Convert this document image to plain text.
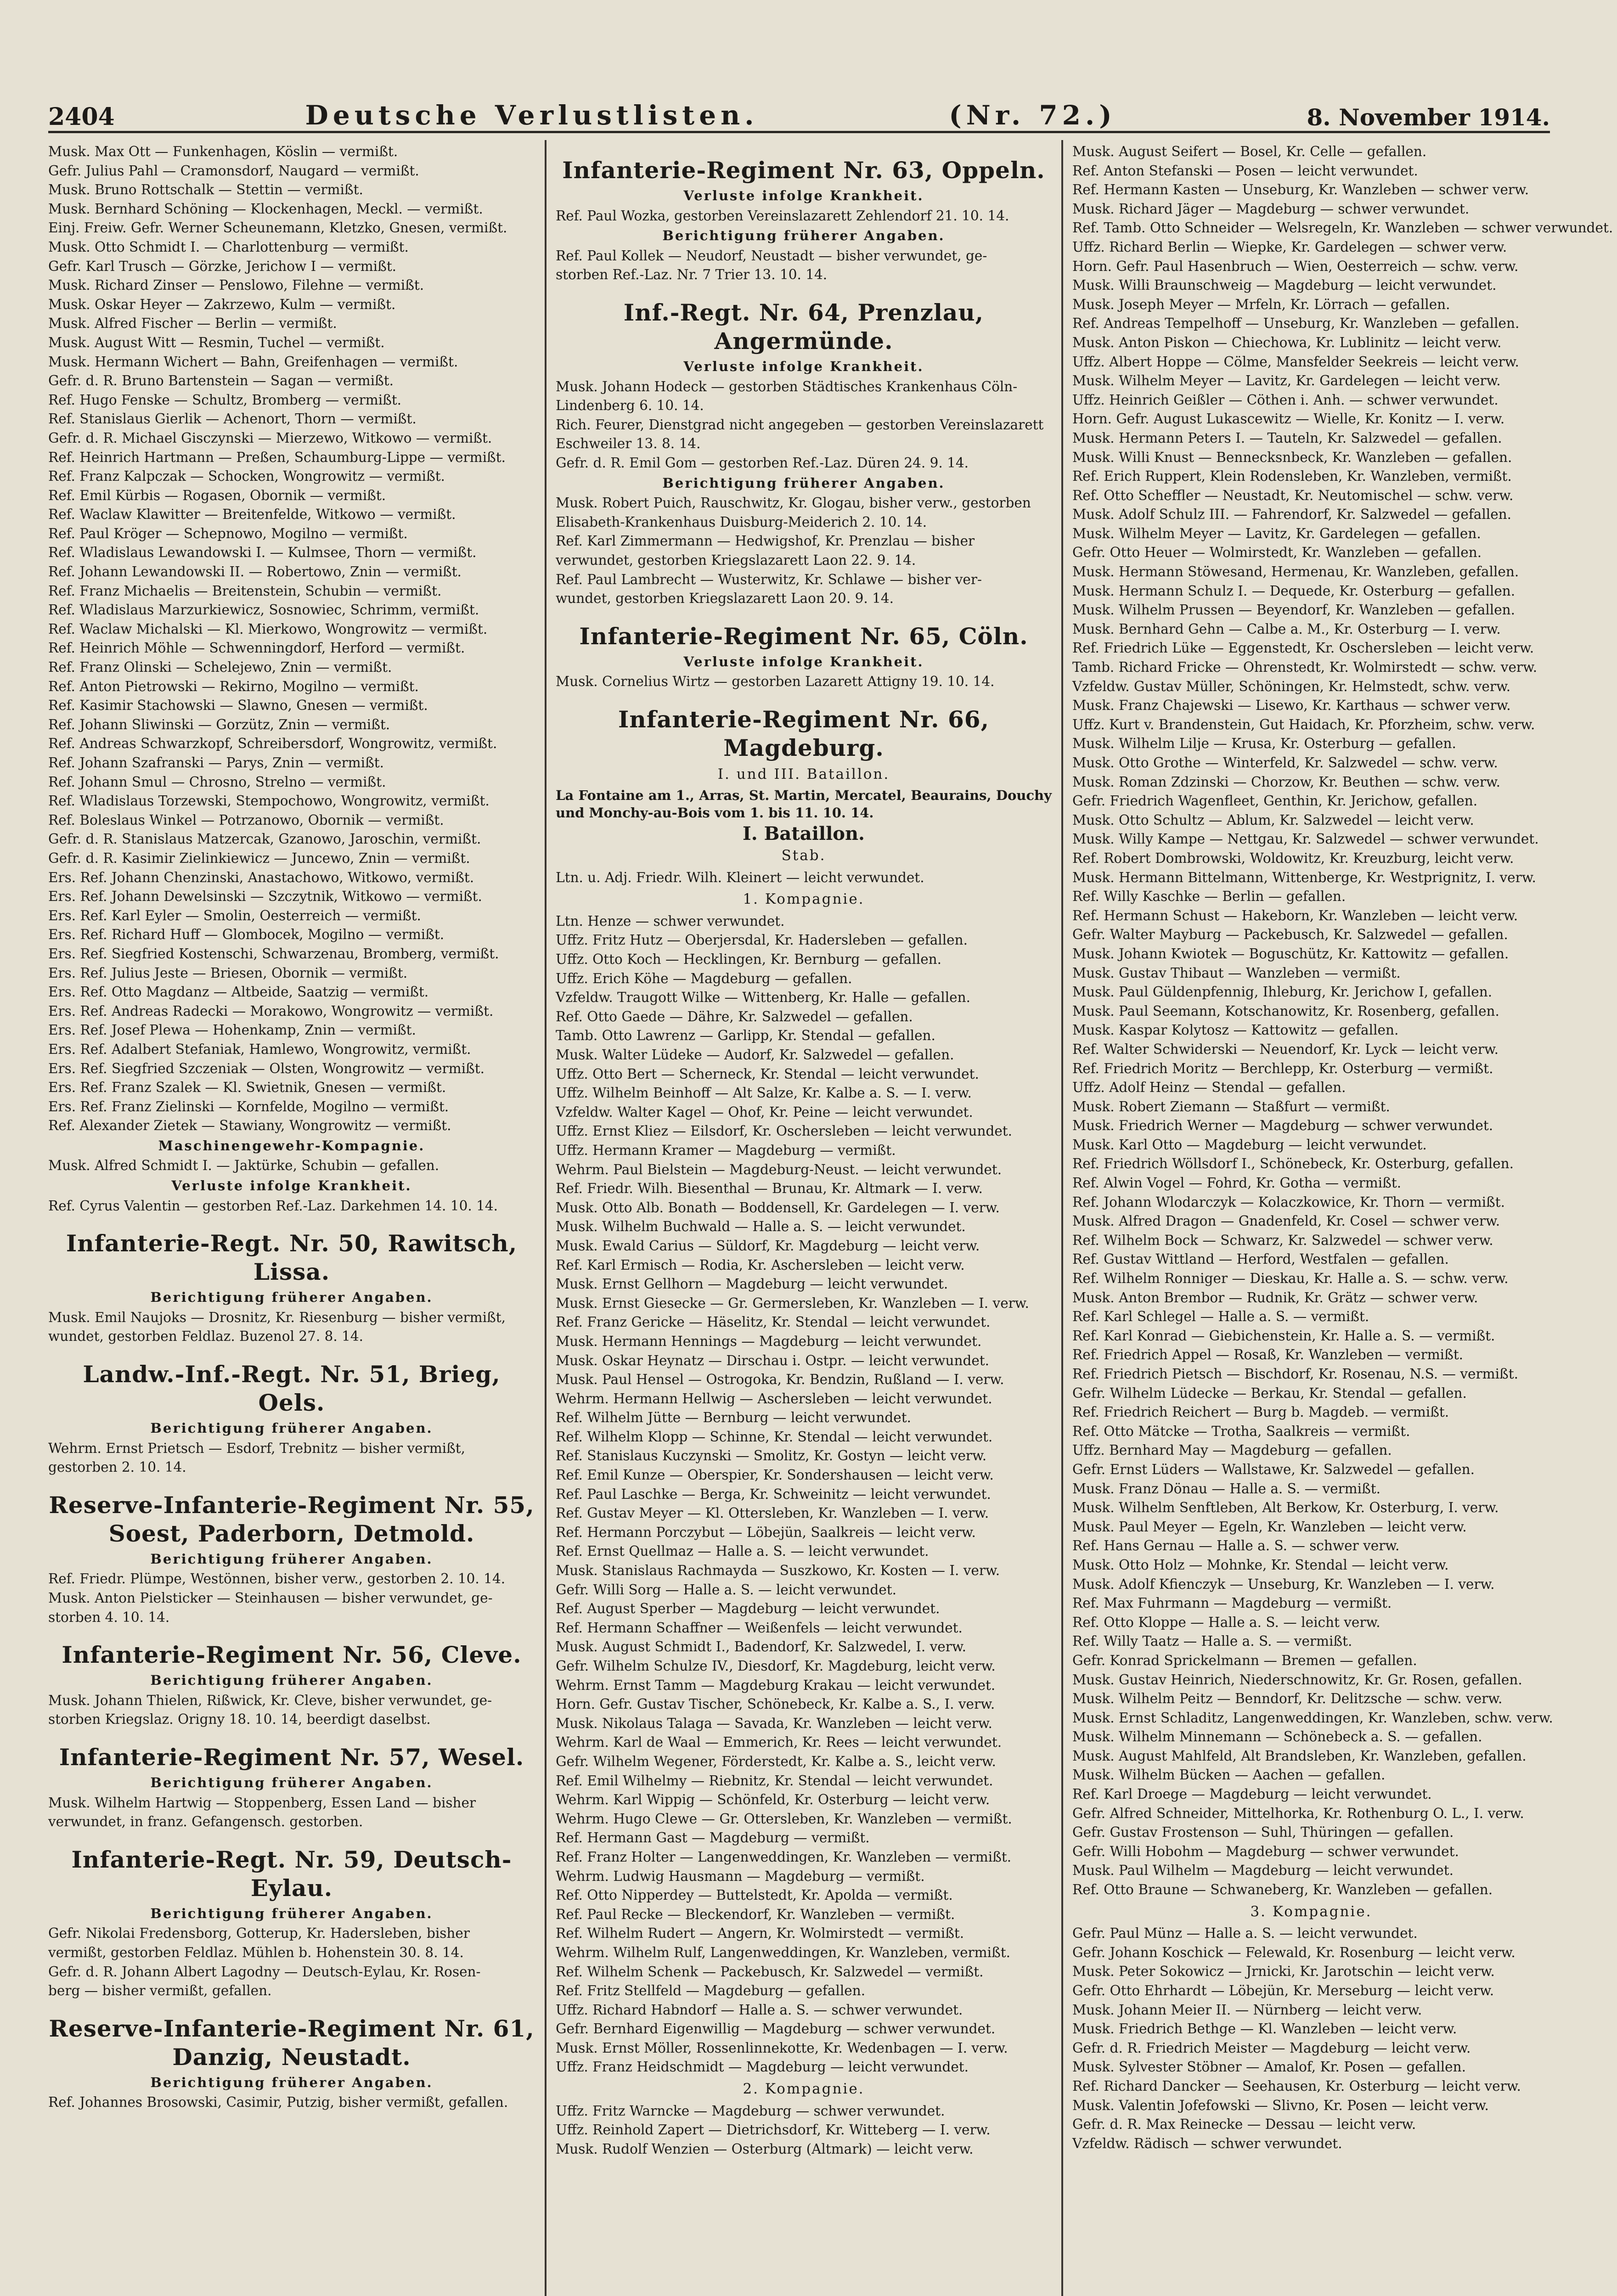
2404	Deutsche Verlustlisten.	(Nr. 72.)	8. November 1914.
Musk. Max Ott — Funkenhagen, Köslin — vermißt.
Gefr. Julius Pahl — Cramonsdorf, Naugard — vermißt.
Musk. Bruno Rottschalk — Stettin — vermißt.
Musk. Bernhard Schöning — Klockenhagen, Meckl. — vermißt.
Einj. Freiw. Gefr. Werner Scheunemann, Kletzko, Gnesen, vermißt.
Musk. Otto Schmidt I. — Charlottenburg — vermißt.
Gefr. Karl Trusch — Görzke, Jerichow I — vermißt.
Musk. Richard Zinser — Penslowo, Filehne — vermißt.
Musk. Oskar Heyer — Zakrzewo, Kulm — vermißt.
Musk. Alfred Fischer — Berlin — vermißt.
Musk. August Witt — Resmin, Tuchel — vermißt.
Musk. Hermann Wichert — Bahn, Greifenhagen — vermißt.
Gefr. d. R. Bruno Bartenstein — Sagan — vermißt.
Ref. Hugo Fenske — Schultz, Bromberg — vermißt.
Ref. Stanislaus Gierlik — Achenort, Thorn — vermißt.
Gefr. d. R. Michael Gisczynski — Mierzewo, Witkowo — vermißt.
Ref. Heinrich Hartmann — Preßen, Schaumburg-Lippe — vermißt.
Ref. Franz Kalpczak — Schocken, Wongrowitz — vermißt.
Ref. Emil Kürbis — Rogasen, Obornik — vermißt.
Ref. Waclaw Klawitter — Breitenfelde, Witkowo — vermißt.
Ref. Paul Kröger — Schepnowo, Mogilno — vermißt.
Ref. Wladislaus Lewandowski I. — Kulmsee, Thorn — vermißt.
Ref. Johann Lewandowski II. — Robertowo, Znin — vermißt.
Ref. Franz Michaelis — Breitenstein, Schubin — vermißt.
Ref. Wladislaus Marzurkiewicz, Sosnowiec, Schrimm, vermißt.
Ref. Waclaw Michalski — Kl. Mierkowo, Wongrowitz — vermißt.
Ref. Heinrich Möhle — Schwenningdorf, Herford — vermißt.
Ref. Franz Olinski — Schelejewo, Znin — vermißt.
Ref. Anton Pietrowski — Rekirno, Mogilno — vermißt.
Ref. Kasimir Stachowski — Slawno, Gnesen — vermißt.
Ref. Johann Sliwinski — Gorzütz, Znin — vermißt.
Ref. Andreas Schwarzkopf, Schreibersdorf, Wongrowitz, vermißt.
Ref. Johann Szafranski — Parys, Znin — vermißt.
Ref. Johann Smul — Chrosno, Strelno — vermißt.
Ref. Wladislaus Torzewski, Stempochowo, Wongrowitz, vermißt.
Ref. Boleslaus Winkel — Potrzanowo, Obornik — vermißt.
Gefr. d. R. Stanislaus Matzercak, Gzanowo, Jaroschin, vermißt.
Gefr. d. R. Kasimir Zielinkiewicz — Juncewo, Znin — vermißt.
Ers. Ref. Johann Chenzinski, Anastachowo, Witkowo, vermißt.
Ers. Ref. Johann Dewelsinski — Szczytnik, Witkowo — vermißt.
Ers. Ref. Karl Eyler — Smolin, Oesterreich — vermißt.
Ers. Ref. Richard Huff — Glombocek, Mogilno — vermißt.
Ers. Ref. Siegfried Kostenschi, Schwarzenau, Bromberg, vermißt.
Ers. Ref. Julius Jeste — Briesen, Obornik — vermißt.
Ers. Ref. Otto Magdanz — Altbeide, Saatzig — vermißt.
Ers. Ref. Andreas Radecki — Morakowo, Wongrowitz — vermißt.
Ers. Ref. Josef Plewa — Hohenkamp, Znin — vermißt.
Ers. Ref. Adalbert Stefaniak, Hamlewo, Wongrowitz, vermißt.
Ers. Ref. Siegfried Szczeniak — Olsten, Wongrowitz — vermißt.
Ers. Ref. Franz Szalek — Kl. Swietnik, Gnesen — vermißt.
Ers. Ref. Franz Zielinski — Kornfelde, Mogilno — vermißt.
Ref. Alexander Zietek — Stawiany, Wongrowitz — vermißt.
Maschinengewehr-Kompagnie.
Musk. Alfred Schmidt I. — Jaktürke, Schubin — gefallen.
Verluste infolge Krankheit.
Ref. Cyrus Valentin — gestorben Ref.-Laz. Darkehmen 14. 10. 14.
Infanterie-Regt. Nr. 50, Rawitsch, Lissa.
Berichtigung früherer Angaben.
Musk. Emil Naujoks — Drosnitz, Kr. Riesenburg — bisher vermißt,
wundet, gestorben Feldlaz. Buzenol 27. 8. 14.
Landw.-Inf.-Regt. Nr. 51, Brieg, Oels.
Berichtigung früherer Angaben.
Wehrm. Ernst Prietsch — Esdorf, Trebnitz — bisher vermißt,
gestorben 2. 10. 14.
Reserve-Infanterie-Regiment Nr. 55, Soest, Paderborn, Detmold.
Berichtigung früherer Angaben.
Ref. Friedr. Plümpe, Westönnen, bisher verw., gestorben 2. 10. 14.
Musk. Anton Pielsticker — Steinhausen — bisher verwundet, ge-
storben 4. 10. 14.
Infanterie-Regiment Nr. 56, Cleve.
Berichtigung früherer Angaben.
Musk. Johann Thielen, Rißwick, Kr. Cleve, bisher verwundet, ge-
storben Kriegslaz. Origny 18. 10. 14, beerdigt daselbst.
Infanterie-Regiment Nr. 57, Wesel.
Berichtigung früherer Angaben.
Musk. Wilhelm Hartwig — Stoppenberg, Essen Land — bisher
verwundet, in franz. Gefangensch. gestorben.
Infanterie-Regt. Nr. 59, Deutsch-Eylau.
Berichtigung früherer Angaben.
Gefr. Nikolai Fredensborg, Gotterup, Kr. Hadersleben, bisher
vermißt, gestorben Feldlaz. Mühlen b. Hohenstein 30. 8. 14.
Gefr. d. R. Johann Albert Lagodny — Deutsch-Eylau, Kr. Rosen-
berg — bisher vermißt, gefallen.
Reserve-Infanterie-Regiment Nr. 61, Danzig, Neustadt.
Berichtigung früherer Angaben.
Ref. Johannes Brosowski, Casimir, Putzig, bisher vermißt, gefallen.
Infanterie-Regiment Nr. 63, Oppeln.
Verluste infolge Krankheit.
Ref. Paul Wozka, gestorben Vereinslazarett Zehlendorf 21. 10. 14.
Berichtigung früherer Angaben.
Ref. Paul Kollek — Neudorf, Neustadt — bisher verwundet, ge-
storben Ref.-Laz. Nr. 7 Trier 13. 10. 14.
Inf.-Regt. Nr. 64, Prenzlau, Angermünde.
Verluste infolge Krankheit.
Musk. Johann Hodeck — gestorben Städtisches Krankenhaus Cöln-
Lindenberg 6. 10. 14.
Rich. Feurer, Dienstgrad nicht angegeben — gestorben Vereinslazarett
Eschweiler 13. 8. 14.
Gefr. d. R. Emil Gom — gestorben Ref.-Laz. Düren 24. 9. 14.
Berichtigung früherer Angaben.
Musk. Robert Puich, Rauschwitz, Kr. Glogau, bisher verw., gestorben
Elisabeth-Krankenhaus Duisburg-Meiderich 2. 10. 14.
Ref. Karl Zimmermann — Hedwigshof, Kr. Prenzlau — bisher
verwundet, gestorben Kriegslazarett Laon 22. 9. 14.
Ref. Paul Lambrecht — Wusterwitz, Kr. Schlawe — bisher ver-
wundet, gestorben Kriegslazarett Laon 20. 9. 14.
Infanterie-Regiment Nr. 65, Cöln.
Verluste infolge Krankheit.
Musk. Cornelius Wirtz — gestorben Lazarett Attigny 19. 10. 14.
Infanterie-Regiment Nr. 66, Magdeburg.
I. und III. Bataillon.
La Fontaine am 1., Arras, St. Martin, Mercatel, Beaurains, Douchy und Monchy-au-Bois vom 1. bis 11. 10. 14.
I. Bataillon.
Stab.
Ltn. u. Adj. Friedr. Wilh. Kleinert — leicht verwundet.
1. Kompagnie.
Ltn. Henze — schwer verwundet.
Uffz. Fritz Hutz — Oberjersdal, Kr. Hadersleben — gefallen.
Uffz. Otto Koch — Hecklingen, Kr. Bernburg — gefallen.
Uffz. Erich Köhe — Magdeburg — gefallen.
Vzfeldw. Traugott Wilke — Wittenberg, Kr. Halle — gefallen.
Ref. Otto Gaede — Dähre, Kr. Salzwedel — gefallen.
Tamb. Otto Lawrenz — Garlipp, Kr. Stendal — gefallen.
Musk. Walter Lüdeke — Audorf, Kr. Salzwedel — gefallen.
Uffz. Otto Bert — Scherneck, Kr. Stendal — leicht verwundet.
Uffz. Wilhelm Beinhoff — Alt Salze, Kr. Kalbe a. S. — I. verw.
Vzfeldw. Walter Kagel — Ohof, Kr. Peine — leicht verwundet.
Uffz. Ernst Kliez — Eilsdorf, Kr. Oschersleben — leicht verwundet.
Uffz. Hermann Kramer — Magdeburg — vermißt.
Wehrm. Paul Bielstein — Magdeburg-Neust. — leicht verwundet.
Ref. Friedr. Wilh. Biesenthal — Brunau, Kr. Altmark — I. verw.
Musk. Otto Alb. Bonath — Boddensell, Kr. Gardelegen — I. verw.
Musk. Wilhelm Buchwald — Halle a. S. — leicht verwundet.
Musk. Ewald Carius — Süldorf, Kr. Magdeburg — leicht verw.
Ref. Karl Ermisch — Rodia, Kr. Aschersleben — leicht verw.
Musk. Ernst Gellhorn — Magdeburg — leicht verwundet.
Musk. Ernst Giesecke — Gr. Germersleben, Kr. Wanzleben — I. verw.
Ref. Franz Gericke — Häselitz, Kr. Stendal — leicht verwundet.
Musk. Hermann Hennings — Magdeburg — leicht verwundet.
Musk. Oskar Heynatz — Dirschau i. Ostpr. — leicht verwundet.
Musk. Paul Hensel — Ostrogoka, Kr. Bendzin, Rußland — I. verw.
Wehrm. Hermann Hellwig — Aschersleben — leicht verwundet.
Ref. Wilhelm Jütte — Bernburg — leicht verwundet.
Ref. Wilhelm Klopp — Schinne, Kr. Stendal — leicht verwundet.
Ref. Stanislaus Kuczynski — Smolitz, Kr. Gostyn — leicht verw.
Ref. Emil Kunze — Oberspier, Kr. Sondershausen — leicht verw.
Ref. Paul Laschke — Berga, Kr. Schweinitz — leicht verwundet.
Ref. Gustav Meyer — Kl. Ottersleben, Kr. Wanzleben — I. verw.
Ref. Hermann Porczybut — Löbejün, Saalkreis — leicht verw.
Ref. Ernst Quellmaz — Halle a. S. — leicht verwundet.
Musk. Stanislaus Rachmayda — Suszkowo, Kr. Kosten — I. verw.
Gefr. Willi Sorg — Halle a. S. — leicht verwundet.
Ref. August Sperber — Magdeburg — leicht verwundet.
Ref. Hermann Schaffner — Weißenfels — leicht verwundet.
Musk. August Schmidt I., Badendorf, Kr. Salzwedel, I. verw.
Gefr. Wilhelm Schulze IV., Diesdorf, Kr. Magdeburg, leicht verw.
Wehrm. Ernst Tamm — Magdeburg Krakau — leicht verwundet.
Horn. Gefr. Gustav Tischer, Schönebeck, Kr. Kalbe a. S., I. verw.
Musk. Nikolaus Talaga — Savada, Kr. Wanzleben — leicht verw.
Wehrm. Karl de Waal — Emmerich, Kr. Rees — leicht verwundet.
Gefr. Wilhelm Wegener, Förderstedt, Kr. Kalbe a. S., leicht verw.
Ref. Emil Wilhelmy — Riebnitz, Kr. Stendal — leicht verwundet.
Wehrm. Karl Wippig — Schönfeld, Kr. Osterburg — leicht verw.
Wehrm. Hugo Clewe — Gr. Ottersleben, Kr. Wanzleben — vermißt.
Ref. Hermann Gast — Magdeburg — vermißt.
Ref. Franz Holter — Langenweddingen, Kr. Wanzleben — vermißt.
Wehrm. Ludwig Hausmann — Magdeburg — vermißt.
Ref. Otto Nipperdey — Buttelstedt, Kr. Apolda — vermißt.
Ref. Paul Recke — Bleckendorf, Kr. Wanzleben — vermißt.
Ref. Wilhelm Rudert — Angern, Kr. Wolmirstedt — vermißt.
Wehrm. Wilhelm Rulf, Langenweddingen, Kr. Wanzleben, vermißt.
Ref. Wilhelm Schenk — Packebusch, Kr. Salzwedel — vermißt.
Ref. Fritz Stellfeld — Magdeburg — gefallen.
Uffz. Richard Habndorf — Halle a. S. — schwer verwundet.
Gefr. Bernhard Eigenwillig — Magdeburg — schwer verwundet.
Musk. Ernst Möller, Rossenlinnekotte, Kr. Wedenbagen — I. verw.
Uffz. Franz Heidschmidt — Magdeburg — leicht verwundet.
2. Kompagnie.
Uffz. Fritz Warncke — Magdeburg — schwer verwundet.
Uffz. Reinhold Zapert — Dietrichsdorf, Kr. Witteberg — I. verw.
Musk. Rudolf Wenzien — Osterburg (Altmark) — leicht verw.
Musk. August Seifert — Bosel, Kr. Celle — gefallen.
Ref. Anton Stefanski — Posen — leicht verwundet.
Ref. Hermann Kasten — Unseburg, Kr. Wanzleben — schwer verw.
Musk. Richard Jäger — Magdeburg — schwer verwundet.
Ref. Tamb. Otto Schneider — Welsregeln, Kr. Wanzleben — schwer verwundet.
Uffz. Richard Berlin — Wiepke, Kr. Gardelegen — schwer verw.
Horn. Gefr. Paul Hasenbruch — Wien, Oesterreich — schw. verw.
Musk. Willi Braunschweig — Magdeburg — leicht verwundet.
Musk. Joseph Meyer — Mrfeln, Kr. Lörrach — gefallen.
Ref. Andreas Tempelhoff — Unseburg, Kr. Wanzleben — gefallen.
Musk. Anton Piskon — Chiechowa, Kr. Lublinitz — leicht verw.
Uffz. Albert Hoppe — Cölme, Mansfelder Seekreis — leicht verw.
Musk. Wilhelm Meyer — Lavitz, Kr. Gardelegen — leicht verw.
Uffz. Heinrich Geißler — Cöthen i. Anh. — schwer verwundet.
Horn. Gefr. August Lukascewitz — Wielle, Kr. Konitz — I. verw.
Musk. Hermann Peters I. — Tauteln, Kr. Salzwedel — gefallen.
Musk. Willi Knust — Bennecksnbeck, Kr. Wanzleben — gefallen.
Ref. Erich Ruppert, Klein Rodensleben, Kr. Wanzleben, vermißt.
Ref. Otto Scheffler — Neustadt, Kr. Neutomischel — schw. verw.
Musk. Adolf Schulz III. — Fahrendorf, Kr. Salzwedel — gefallen.
Musk. Wilhelm Meyer — Lavitz, Kr. Gardelegen — gefallen.
Gefr. Otto Heuer — Wolmirstedt, Kr. Wanzleben — gefallen.
Musk. Hermann Stöwesand, Hermenau, Kr. Wanzleben, gefallen.
Musk. Hermann Schulz I. — Dequede, Kr. Osterburg — gefallen.
Musk. Wilhelm Prussen — Beyendorf, Kr. Wanzleben — gefallen.
Musk. Bernhard Gehn — Calbe a. M., Kr. Osterburg — I. verw.
Ref. Friedrich Lüke — Eggenstedt, Kr. Oschersleben — leicht verw.
Tamb. Richard Fricke — Ohrenstedt, Kr. Wolmirstedt — schw. verw.
Vzfeldw. Gustav Müller, Schöningen, Kr. Helmstedt, schw. verw.
Musk. Franz Chajewski — Lisewo, Kr. Karthaus — schwer verw.
Uffz. Kurt v. Brandenstein, Gut Haidach, Kr. Pforzheim, schw. verw.
Musk. Wilhelm Lilje — Krusa, Kr. Osterburg — gefallen.
Musk. Otto Grothe — Winterfeld, Kr. Salzwedel — schw. verw.
Musk. Roman Zdzinski — Chorzow, Kr. Beuthen — schw. verw.
Gefr. Friedrich Wagenfleet, Genthin, Kr. Jerichow, gefallen.
Musk. Otto Schultz — Ablum, Kr. Salzwedel — leicht verw.
Musk. Willy Kampe — Nettgau, Kr. Salzwedel — schwer verwundet.
Ref. Robert Dombrowski, Woldowitz, Kr. Kreuzburg, leicht verw.
Musk. Hermann Bittelmann, Wittenberge, Kr. Westprignitz, I. verw.
Ref. Willy Kaschke — Berlin — gefallen.
Ref. Hermann Schust — Hakeborn, Kr. Wanzleben — leicht verw.
Gefr. Walter Mayburg — Packebusch, Kr. Salzwedel — gefallen.
Musk. Johann Kwiotek — Boguschütz, Kr. Kattowitz — gefallen.
Musk. Gustav Thibaut — Wanzleben — vermißt.
Musk. Paul Güldenpfennig, Ihleburg, Kr. Jerichow I, gefallen.
Musk. Paul Seemann, Kotschanowitz, Kr. Rosenberg, gefallen.
Musk. Kaspar Kolytosz — Kattowitz — gefallen.
Ref. Walter Schwiderski — Neuendorf, Kr. Lyck — leicht verw.
Ref. Friedrich Moritz — Berchlepp, Kr. Osterburg — vermißt.
Uffz. Adolf Heinz — Stendal — gefallen.
Musk. Robert Ziemann — Staßfurt — vermißt.
Musk. Friedrich Werner — Magdeburg — schwer verwundet.
Musk. Karl Otto — Magdeburg — leicht verwundet.
Ref. Friedrich Wöllsdorf I., Schönebeck, Kr. Osterburg, gefallen.
Ref. Alwin Vogel — Fohrd, Kr. Gotha — vermißt.
Ref. Johann Wlodarczyk — Kolaczkowice, Kr. Thorn — vermißt.
Musk. Alfred Dragon — Gnadenfeld, Kr. Cosel — schwer verw.
Ref. Wilhelm Bock — Schwarz, Kr. Salzwedel — schwer verw.
Ref. Gustav Wittland — Herford, Westfalen — gefallen.
Ref. Wilhelm Ronniger — Dieskau, Kr. Halle a. S. — schw. verw.
Musk. Anton Brembor — Rudnik, Kr. Grätz — schwer verw.
Ref. Karl Schlegel — Halle a. S. — vermißt.
Ref. Karl Konrad — Giebichenstein, Kr. Halle a. S. — vermißt.
Ref. Friedrich Appel — Rosaß, Kr. Wanzleben — vermißt.
Ref. Friedrich Pietsch — Bischdorf, Kr. Rosenau, N.S. — vermißt.
Gefr. Wilhelm Lüdecke — Berkau, Kr. Stendal — gefallen.
Ref. Friedrich Reichert — Burg b. Magdeb. — vermißt.
Ref. Otto Mätcke — Trotha, Saalkreis — vermißt.
Uffz. Bernhard May — Magdeburg — gefallen.
Gefr. Ernst Lüders — Wallstawe, Kr. Salzwedel — gefallen.
Musk. Franz Dönau — Halle a. S. — vermißt.
Musk. Wilhelm Senftleben, Alt Berkow, Kr. Osterburg, I. verw.
Musk. Paul Meyer — Egeln, Kr. Wanzleben — leicht verw.
Ref. Hans Gernau — Halle a. S. — schwer verw.
Musk. Otto Holz — Mohnke, Kr. Stendal — leicht verw.
Musk. Adolf Kfienczyk — Unseburg, Kr. Wanzleben — I. verw.
Ref. Max Fuhrmann — Magdeburg — vermißt.
Ref. Otto Kloppe — Halle a. S. — leicht verw.
Ref. Willy Taatz — Halle a. S. — vermißt.
Gefr. Konrad Sprickelmann — Bremen — gefallen.
Musk. Gustav Heinrich, Niederschnowitz, Kr. Gr. Rosen, gefallen.
Musk. Wilhelm Peitz — Benndorf, Kr. Delitzsche — schw. verw.
Musk. Ernst Schladitz, Langenweddingen, Kr. Wanzleben, schw. verw.
Musk. Wilhelm Minnemann — Schönebeck a. S. — gefallen.
Musk. August Mahlfeld, Alt Brandsleben, Kr. Wanzleben, gefallen.
Musk. Wilhelm Bücken — Aachen — gefallen.
Ref. Karl Droege — Magdeburg — leicht verwundet.
Gefr. Alfred Schneider, Mittelhorka, Kr. Rothenburg O. L., I. verw.
Gefr. Gustav Frostenson — Suhl, Thüringen — gefallen.
Gefr. Willi Hobohm — Magdeburg — schwer verwundet.
Musk. Paul Wilhelm — Magdeburg — leicht verwundet.
Ref. Otto Braune — Schwaneberg, Kr. Wanzleben — gefallen.
3. Kompagnie.
Gefr. Paul Münz — Halle a. S. — leicht verwundet.
Gefr. Johann Koschick — Felewald, Kr. Rosenburg — leicht verw.
Musk. Peter Sokowicz — Jrnicki, Kr. Jarotschin — leicht verw.
Gefr. Otto Ehrhardt — Löbejün, Kr. Merseburg — leicht verw.
Musk. Johann Meier II. — Nürnberg — leicht verw.
Musk. Friedrich Bethge — Kl. Wanzleben — leicht verw.
Gefr. d. R. Friedrich Meister — Magdeburg — leicht verw.
Musk. Sylvester Stöbner — Amalof, Kr. Posen — gefallen.
Ref. Richard Dancker — Seehausen, Kr. Osterburg — leicht verw.
Musk. Valentin Jofefowski — Slivno, Kr. Posen — leicht verw.
Gefr. d. R. Max Reinecke — Dessau — leicht verw.
Vzfeldw. Rädisch — schwer verwundet.
